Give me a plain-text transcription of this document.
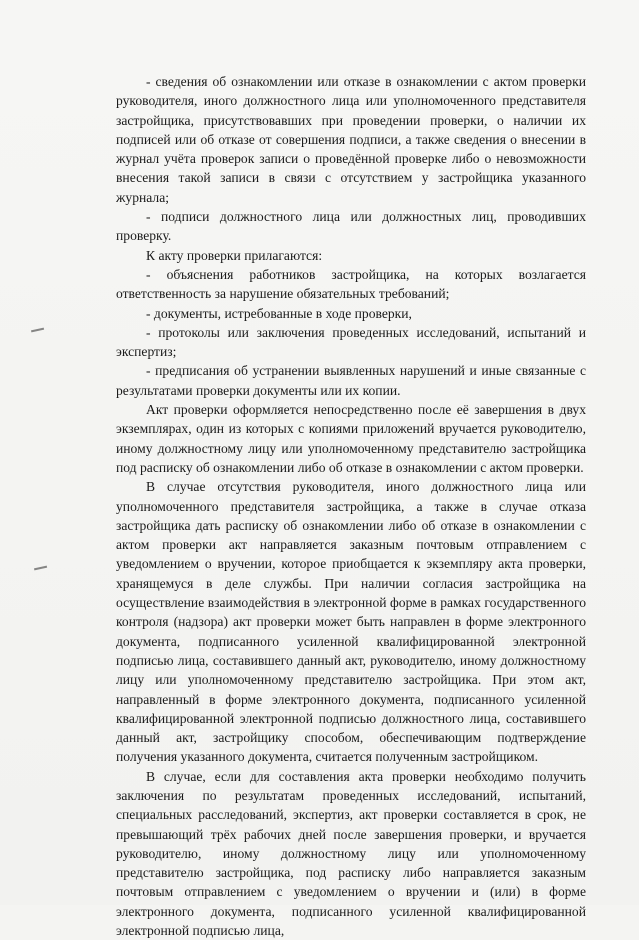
- сведения об ознакомлении или отказе в ознакомлении с актом проверки руководителя, иного должностного лица или уполномоченного представителя застройщика, присутствовавших при проведении проверки, о наличии их подписей или об отказе от совершения подписи, а также сведения о внесении в журнал учёта проверок записи о проведённой проверке либо о невозможности внесения такой записи в связи с отсутствием у застройщика указанного журнала;

- подписи должностного лица или должностных лиц, проводивших проверку.

К акту проверки прилагаются:

- объяснения работников застройщика, на которых возлагается ответственность за нарушение обязательных требований;

- документы, истребованные в ходе проверки,

- протоколы или заключения проведенных исследований, испытаний и экспертиз;

- предписания об устранении выявленных нарушений и иные связанные с результатами проверки документы или их копии.

Акт проверки оформляется непосредственно после её завершения в двух экземплярах, один из которых с копиями приложений вручается руководителю, иному должностному лицу или уполномоченному представителю застройщика под расписку об ознакомлении либо об отказе в ознакомлении с актом проверки.

В случае отсутствия руководителя, иного должностного лица или уполномоченного представителя застройщика, а также в случае отказа застройщика дать расписку об ознакомлении либо об отказе в ознакомлении с актом проверки акт направляется заказным почтовым отправлением с уведомлением о вручении, которое приобщается к экземпляру акта проверки, хранящемуся в деле службы. При наличии согласия застройщика на осуществление взаимодействия в электронной форме в рамках государственного контроля (надзора) акт проверки может быть направлен в форме электронного документа, подписанного усиленной квалифицированной электронной подписью лица, составившего данный акт, руководителю, иному должностному лицу или уполномоченному представителю застройщика. При этом акт, направленный в форме электронного документа, подписанного усиленной квалифицированной электронной подписью должностного лица, составившего данный акт, застройщику способом, обеспечивающим подтверждение получения указанного документа, считается полученным застройщиком.

В случае, если для составления акта проверки необходимо получить заключения по результатам проведенных исследований, испытаний, специальных расследований, экспертиз, акт проверки составляется в срок, не превышающий трёх рабочих дней после завершения проверки, и вручается руководителю, иному должностному лицу или уполномоченному представителю застройщика, под расписку либо направляется заказным почтовым отправлением с уведомлением о вручении и (или) в форме электронного документа, подписанного усиленной квалифицированной электронной подписью лица,
